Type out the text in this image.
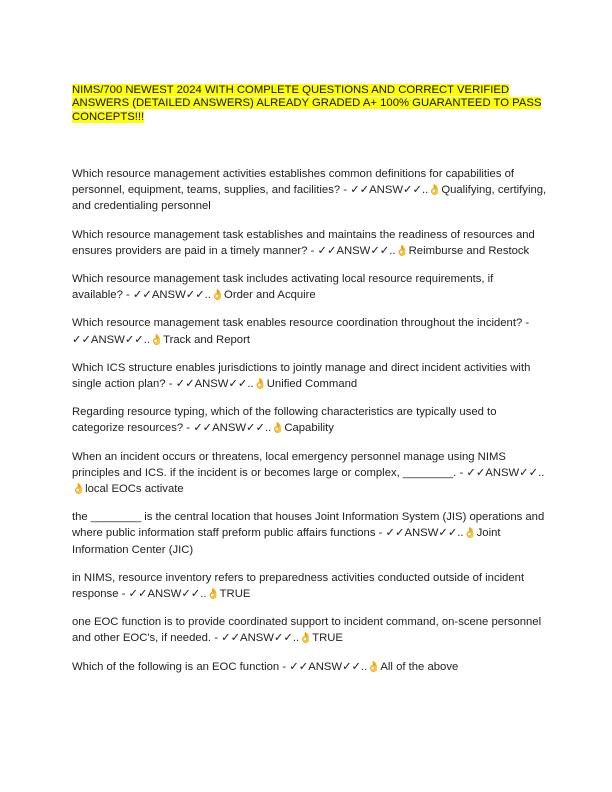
NIMS/700 NEWEST 2024 WITH COMPLETE QUESTIONS AND CORRECT VERIFIED ANSWERS (DETAILED ANSWERS) ALREADY GRADED A+ 100% GUARANTEED TO PASS CONCEPTS!!!

Which resource management activities establishes common definitions for capabilities of personnel, equipment, teams, supplies, and facilities? - ✓✓ANSW✓✓..👌Qualifying, certifying, and credentialing personnel

Which resource management task establishes and maintains the readiness of resources and ensures providers are paid in a timely manner? - ✓✓ANSW✓✓..👌Reimburse and Restock

Which resource management task includes activating local resource requirements, if available? - ✓✓ANSW✓✓..👌Order and Acquire

Which resource management task enables resource coordination throughout the incident? - ✓✓ANSW✓✓..👌Track and Report

Which ICS structure enables jurisdictions to jointly manage and direct incident activities with single action plan? - ✓✓ANSW✓✓..👌Unified Command

Regarding resource typing, which of the following characteristics are typically used to categorize resources? - ✓✓ANSW✓✓..👌Capability

When an incident occurs or threatens, local emergency personnel manage using NIMS principles and ICS. if the incident is or becomes large or complex, ________. - ✓✓ANSW✓✓..👌local EOCs activate

the ________ is the central location that houses Joint Information System (JIS) operations and where public information staff preform public affairs functions - ✓✓ANSW✓✓..👌Joint Information Center (JIC)

in NIMS, resource inventory refers to preparedness activities conducted outside of incident response - ✓✓ANSW✓✓..👌TRUE

one EOC function is to provide coordinated support to incident command, on-scene personnel and other EOC's, if needed. - ✓✓ANSW✓✓..👌TRUE

Which of the following is an EOC function - ✓✓ANSW✓✓..👌All of the above
